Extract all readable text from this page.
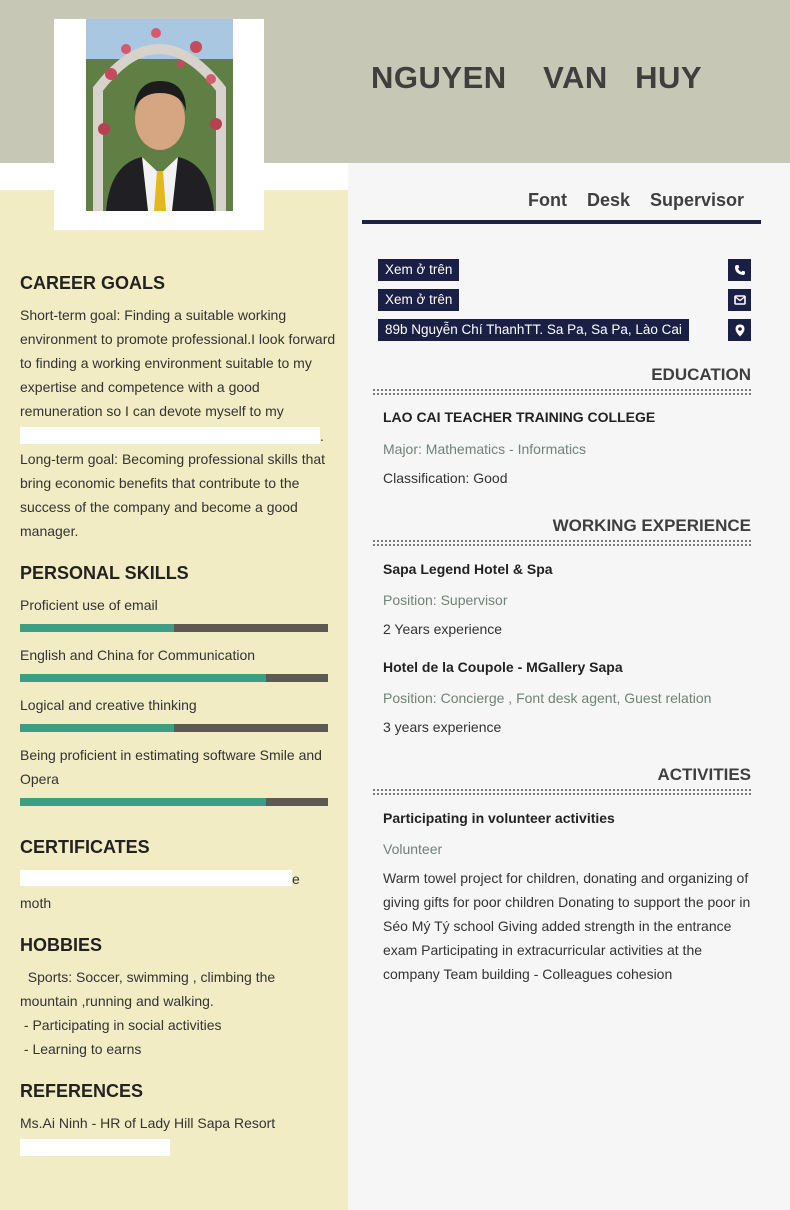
NGUYEN    VAN   HUY
Font    Desk    Supervisor
Xem ở trên
Xem ở trên
89b Nguyễn Chí ThanhTT. Sa Pa, Sa Pa, Lào Cai
EDUCATION
LAO CAI TEACHER TRAINING COLLEGE
Major: Mathematics - Informatics
Classification: Good
WORKING EXPERIENCE
Sapa Legend Hotel & Spa
Position: Supervisor
2 Years experience
Hotel de la Coupole - MGallery Sapa
Position: Concierge , Font desk agent, Guest relation
3 years experience
ACTIVITIES
Participating in volunteer activities
Volunteer
Warm towel project for children, donating and organizing of giving gifts for poor children Donating to support the poor in Séo Mý Tý school Giving added strength in the entrance exam Participating in extracurricular activities at the company Team building - Colleagues cohesion
CAREER GOALS
Short-term goal: Finding a suitable working environment to promote professional.I look forward to finding a working environment suitable to my expertise and competence with a good remuneration so I can devote myself to my
.
Long-term goal: Becoming professional skills that bring economic benefits that contribute to the success of the company and become a good manager.
PERSONAL SKILLS
Proficient use of email
English and China for Communication
Logical and creative thinking
Being proficient in estimating software Smile and Opera
CERTIFICATES
e
moth
HOBBIES
Sports: Soccer, swimming , climbing the
mountain ,running and walking.
- Participating in social activities
- Learning to earns
REFERENCES
Ms.Ai Ninh - HR of Lady Hill Sapa Resort
